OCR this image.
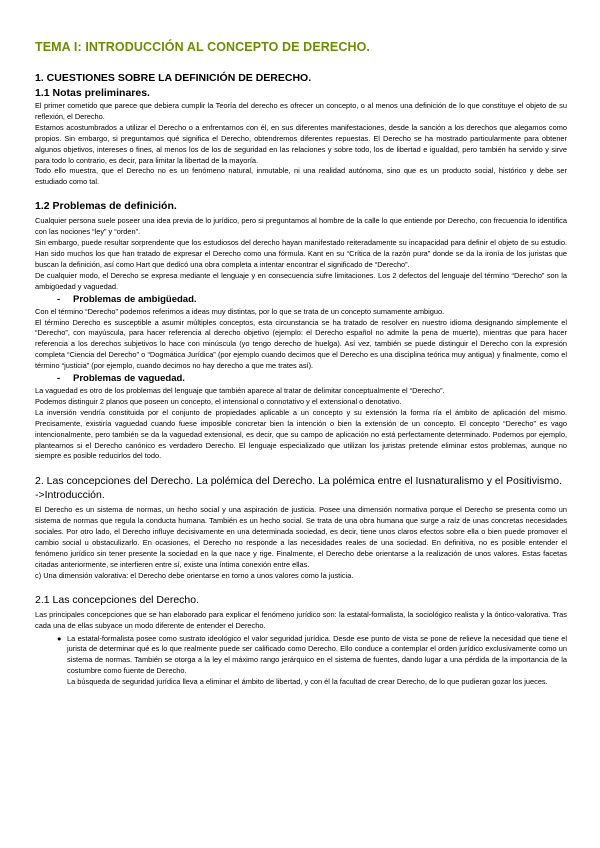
TEMA I: INTRODUCCIÓN AL CONCEPTO DE DERECHO.
1. CUESTIONES SOBRE LA DEFINICIÓN DE DERECHO.
1.1 Notas preliminares.

El primer cometido que parece que debiera cumplir la Teoría del derecho es ofrecer un concepto, o al menos una definición de lo que constituye el objeto de su reflexión, el Derecho.

Estamos acostumbrados a utilizar el Derecho o a enfrentarnos con él, en sus diferentes manifestaciones, desde la sanción a los derechos que alegamos como propios. Sin embargo, si preguntamos qué significa el Derecho, obtendremos diferentes repuestas. El Derecho se ha mostrado particularmente para obtener algunos objetivos, intereses o fines, al menos los de los de seguridad en las relaciones y sobre todo, los de libertad e igualdad, pero también ha servido y sirve para todo lo contrario, es decir, para limitar la libertad de la mayoría.

Todo ello muestra, que el Derecho no es un fenómeno natural, inmutable, ni una realidad autónoma, sino que es un producto social, histórico y debe ser estudiado como tal.

1.2 Problemas de definición.

Cualquier persona suele poseer una idea previa de lo jurídico, pero si preguntamos al hombre de la calle lo que entiende por Derecho, con frecuencia lo identifica con las nociones “ley” y “orden”.

Sin embargo, puede resultar sorprendente que los estudiosos del derecho hayan manifestado reiteradamente su incapacidad para definir el objeto de su estudio. Han sido muchos los que han tratado de expresar el Derecho como una fórmula. Kant en su “Crítica de la razón pura” donde se da la ironía de los juristas que buscan la definición, así como Hart que dedicó una obra completa a intentar encontrar el significado de “Derecho”.

De cualquier modo, el Derecho se expresa mediante el lenguaje y en consecuencia sufre limitaciones. Los 2 defectos del lenguaje del término “Derecho” son la ambigüedad y vaguedad.

- Problemas de ambigüedad.

Con el término “Derecho” podemos referirnos a ideas muy distintas, por lo que se trata de un concepto sumamente ambiguo.

El término Derecho es susceptible a asumir múltiples conceptos, esta circunstancia se ha tratado de resolver en nuestro idioma designando simplemente el “Derecho”, con mayúscula, para hacer referencia al derecho objetivo (ejemplo: el Derecho español no admite la pena de muerte), mientras que para hacer referencia a los derechos subjetivos lo hace con minúscula (yo tengo derecho de huelga). Así vez, también se puede distinguir el Derecho con la expresión completa “Ciencia del Derecho” o “Dogmática Jurídica” (por ejemplo cuando decimos que el Derecho es una disciplina teórica muy antigua) y finalmente, como el término “justicia” (por ejemplo, cuando decimos no hay derecho a que me trates así).

- Problemas de vaguedad.

La vaguedad es otro de los problemas del lenguaje que también aparece al tratar de delimitar conceptualmente el “Derecho”.

Podemos distinguir 2 planos que poseen un concepto, el intensional o connotativo y el extensional o denotativo.

La inversión vendría constituida por el conjunto de propiedades aplicable a un concepto y su extensión la forma ría el ámbito de aplicación del mismo. Precisamente, existiría vaguedad cuando fuese imposible concretar bien la intención o bien la extensión de un concepto. El concepto “Derecho” es vago intencionalmente, pero también se da la vaguedad extensional, es decir, que su campo de aplicación no está perfectamente determinado. Podemos por ejemplo, plantearnos si el Derecho canónico es verdadero Derecho. El lenguaje especializado que utilizan los juristas pretende eliminar estos problemas, aunque no siempre es posible reducirlos del todo.

2. Las concepciones del Derecho. La polémica del Derecho. La polémica entre el Iusnaturalismo y el Positivismo. ->Introducción.

El Derecho es un sistema de normas, un hecho social y una aspiración de justicia. Posee una dimensión normativa porque el Derecho se presenta como un sistema de normas que regula la conducta humana. También es un hecho social. Se trata de una obra humana que surge a raíz de unas concretas necesidades sociales. Por otro lado, el Derecho influye decisivamente en una determinada sociedad, es decir, tiene unos claros efectos sobre ella o bien puede promover el cambio social u obstaculizarlo. En ocasiones, el Derecho no responde a las necesidades reales de una sociedad. En definitiva, no es posible entender el fenómeno jurídico sin tener presente la sociedad en la que nace y rige. Finalmente, el Derecho debe orientarse a la realización de unos valores. Estas facetas citadas anteriormente, se interfieren entre sí, existe una íntima conexión entre ellas.

c) Una dimensión valorativa: el Derecho debe orientarse en torno a unos valores como la justicia.

2.1 Las concepciones del Derecho.

Las principales concepciones que se han elaborado para explicar el fenómeno jurídico son: la estatal-formalista, la sociológico realista y la óntico-valorativa. Tras cada una de ellas subyace un modo diferente de entender el Derecho.

● La estatal-formalista posee como sustrato ideológico el valor seguridad jurídica. Desde ese punto de vista se pone de relieve la necesidad que tiene el jurista de determinar qué es lo que realmente puede ser calificado como Derecho. Ello conduce a contemplar el orden jurídico exclusivamente como un sistema de normas. También se otorga a la ley el máximo rango jerárquico en el sistema de fuentes, dando lugar a una pérdida de la importancia de la costumbre como fuente de Derecho.

La búsqueda de seguridad jurídica lleva a eliminar el ámbito de libertad, y con él la facultad de crear Derecho, de lo que pudieran gozar los jueces.
